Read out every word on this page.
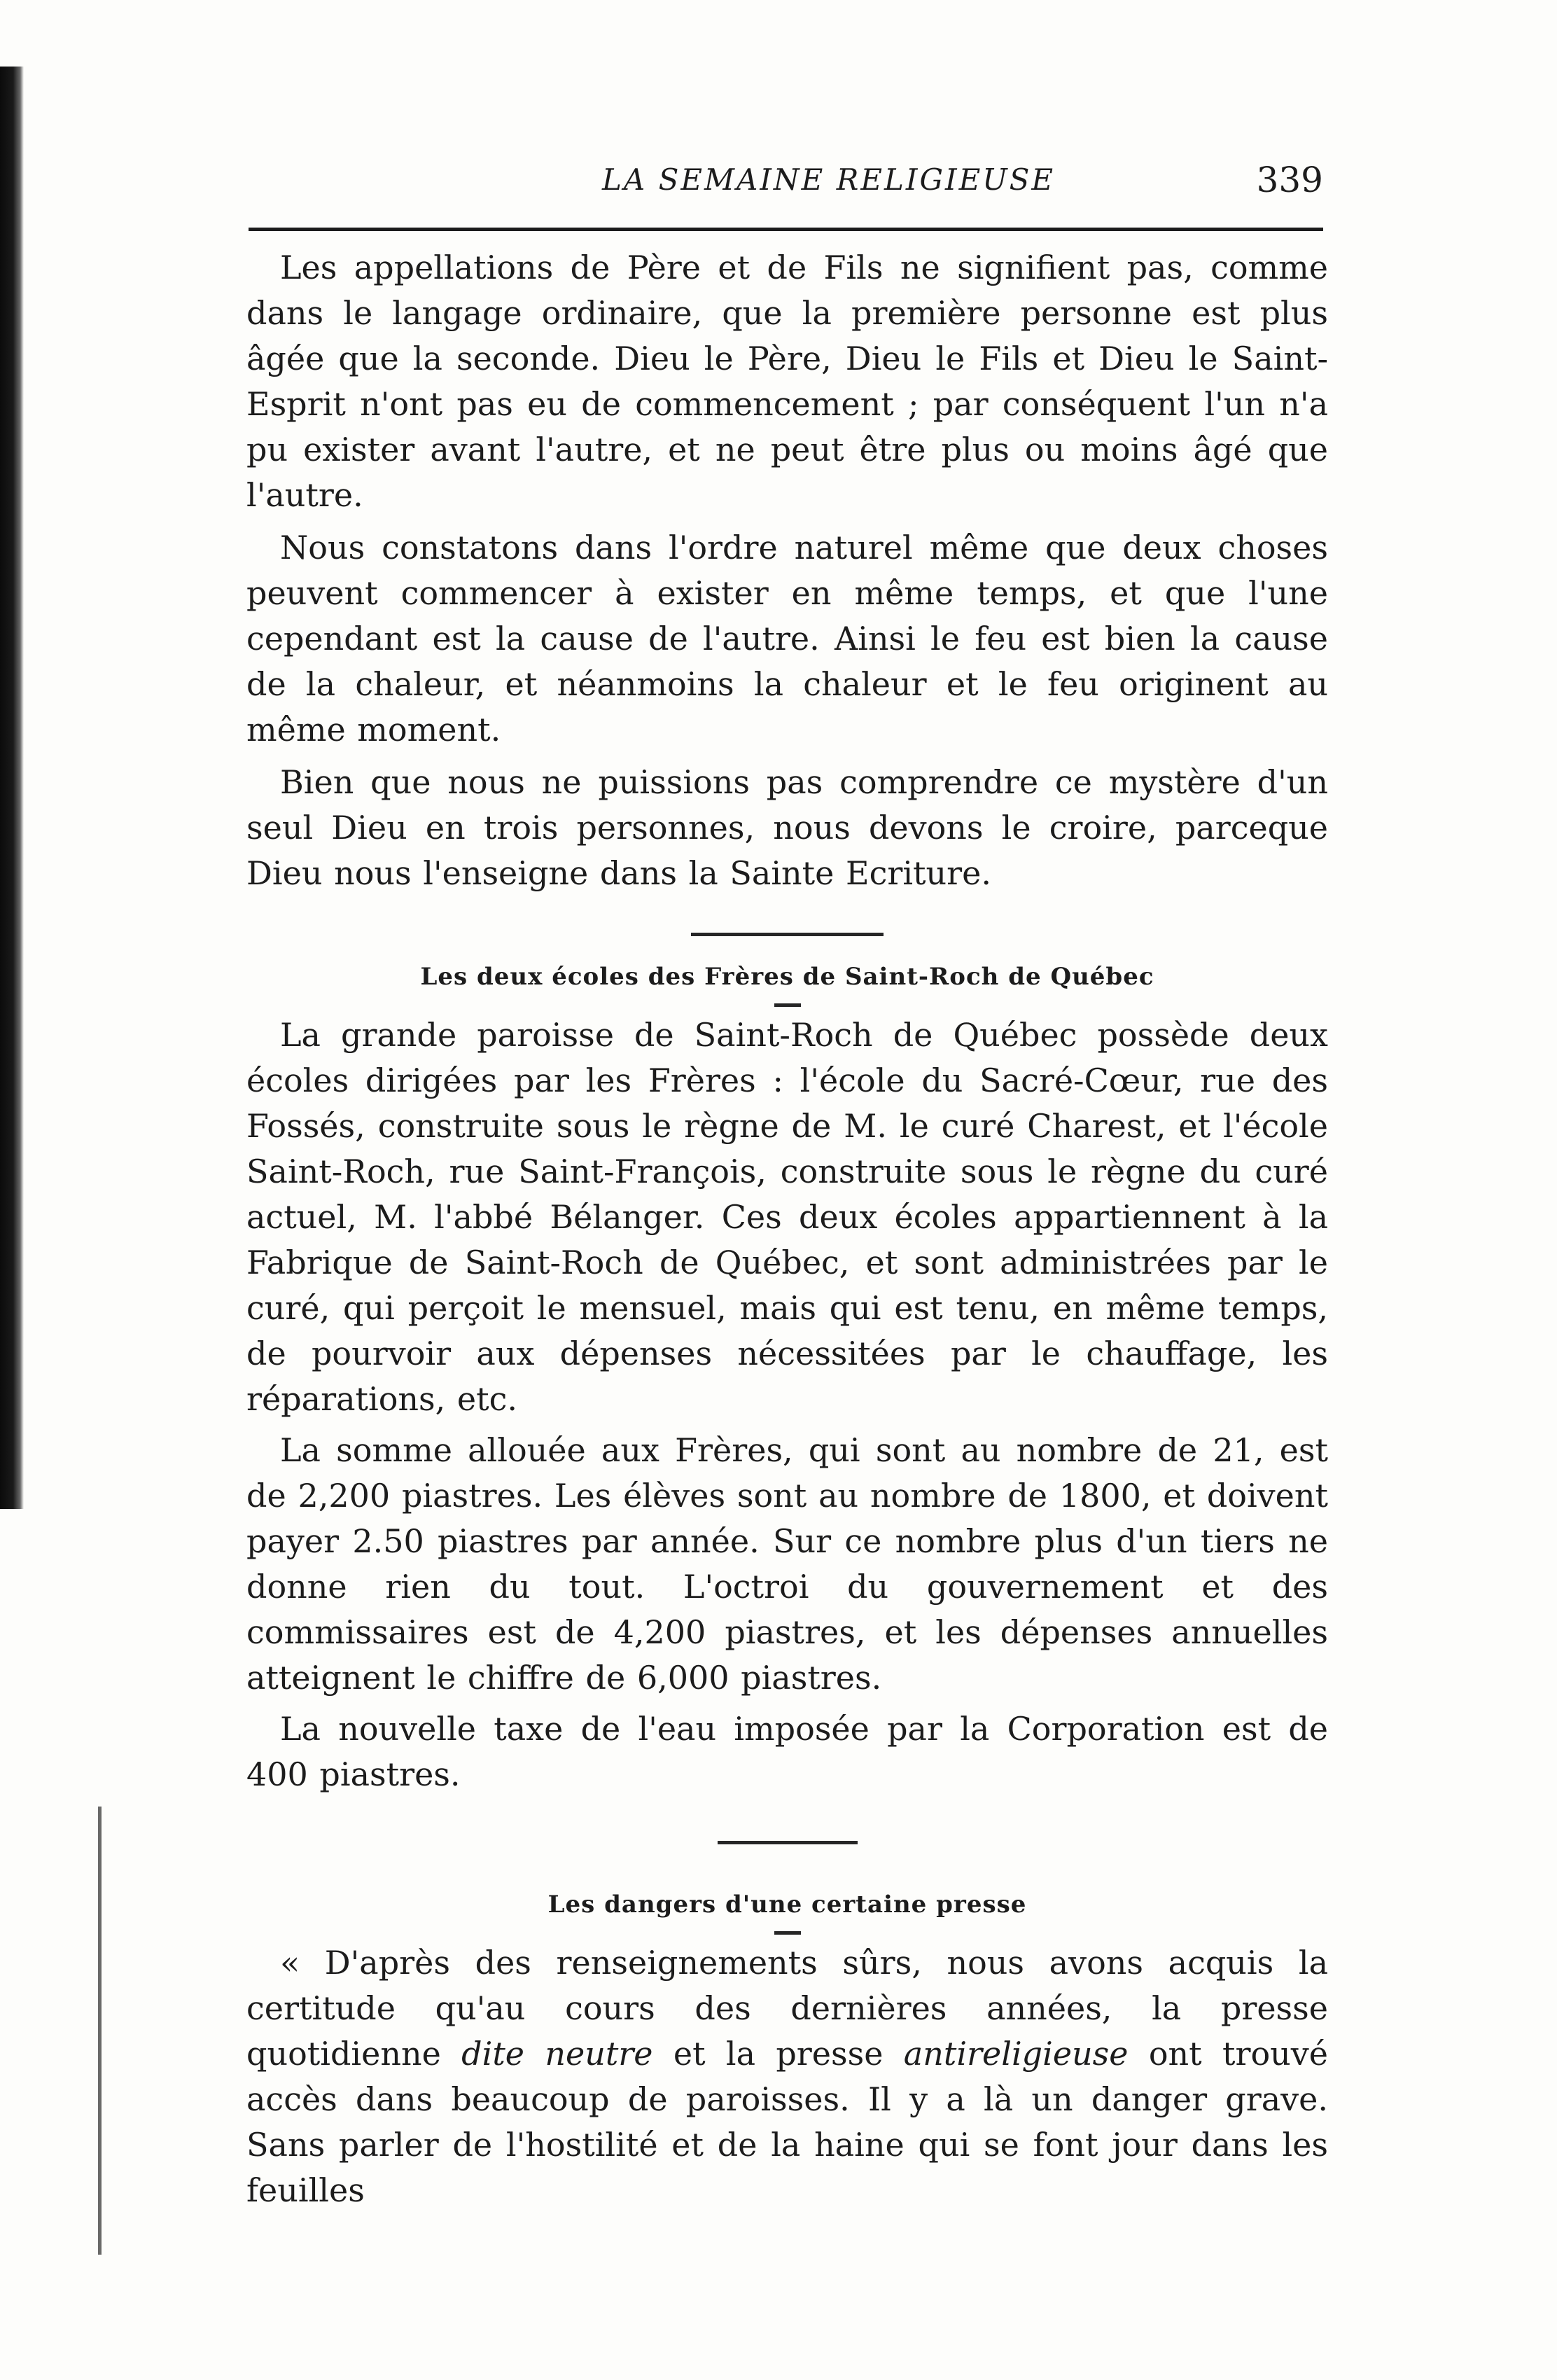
LA SEMAINE RELIGIEUSE	339

Les appellations de Père et de Fils ne signifient pas, comme dans le langage ordinaire, que la première personne est plus âgée que la seconde. Dieu le Père, Dieu le Fils et Dieu le Saint-Esprit n'ont pas eu de commencement ; par conséquent l'un n'a pu exister avant l'autre, et ne peut être plus ou moins âgé que l'autre.

Nous constatons dans l'ordre naturel même que deux choses peuvent commencer à exister en même temps, et que l'une cependant est la cause de l'autre. Ainsi le feu est bien la cause de la chaleur, et néanmoins la chaleur et le feu originent au même moment.

Bien que nous ne puissions pas comprendre ce mystère d'un seul Dieu en trois personnes, nous devons le croire, parceque Dieu nous l'enseigne dans la Sainte Ecriture.

Les deux écoles des Frères de Saint-Roch de Québec

La grande paroisse de Saint-Roch de Québec possède deux écoles dirigées par les Frères : l'école du Sacré-Cœur, rue des Fossés, construite sous le règne de M. le curé Charest, et l'école Saint-Roch, rue Saint-François, construite sous le règne du curé actuel, M. l'abbé Bélanger. Ces deux écoles appartiennent à la Fabrique de Saint-Roch de Québec, et sont administrées par le curé, qui perçoit le mensuel, mais qui est tenu, en même temps, de pourvoir aux dépenses nécessitées par le chauffage, les réparations, etc.

La somme allouée aux Frères, qui sont au nombre de 21, est de 2,200 piastres. Les élèves sont au nombre de 1800, et doivent payer 2.50 piastres par année. Sur ce nombre plus d'un tiers ne donne rien du tout. L'octroi du gouvernement et des commissaires est de 4,200 piastres, et les dépenses annuelles atteignent le chiffre de 6,000 piastres.

La nouvelle taxe de l'eau imposée par la Corporation est de 400 piastres.

Les dangers d'une certaine presse

« D'après des renseignements sûrs, nous avons acquis la certitude qu'au cours des dernières années, la presse quotidienne dite neutre et la presse antireligieuse ont trouvé accès dans beaucoup de paroisses. Il y a là un danger grave. Sans parler de l'hostilité et de la haine qui se font jour dans les feuilles
